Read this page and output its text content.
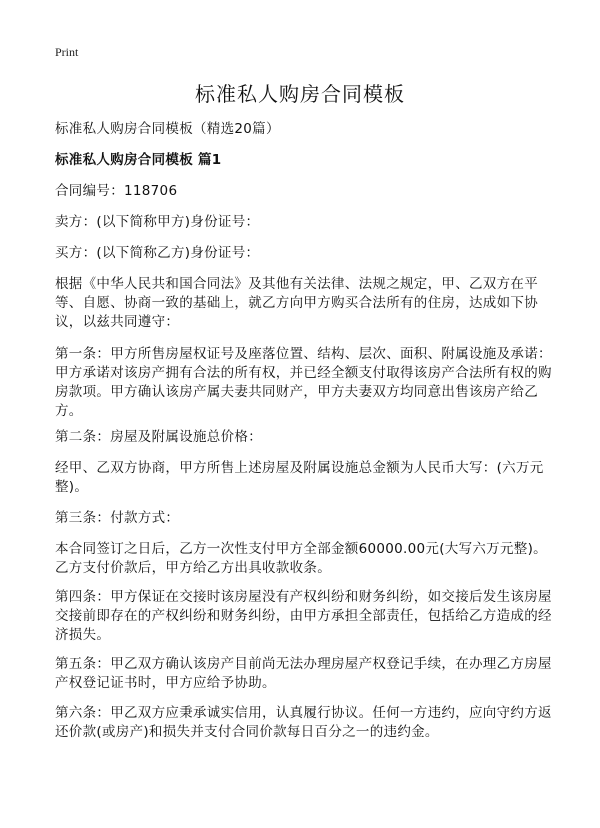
Print
标准私人购房合同模板

标准私人购房合同模板（精选20篇）

标准私人购房合同模板 篇1

合同编号：118706

卖方：(以下简称甲方)身份证号：

买方：(以下简称乙方)身份证号：

根据《中华人民共和国合同法》及其他有关法律、法规之规定，甲、乙双方在平等、自愿、协商一致的基础上，就乙方向甲方购买合法所有的住房，达成如下协议，以兹共同遵守：

第一条：甲方所售房屋权证号及座落位置、结构、层次、面积、附属设施及承诺：甲方承诺对该房产拥有合法的所有权，并已经全额支付取得该房产合法所有权的购房款项。甲方确认该房产属夫妻共同财产，甲方夫妻双方均同意出售该房产给乙方。

第二条：房屋及附属设施总价格：

经甲、乙双方协商，甲方所售上述房屋及附属设施总金额为人民币大写：(六万元整)。

第三条：付款方式：

本合同签订之日后，乙方一次性支付甲方全部金额60000.00元(大写六万元整)。乙方支付价款后，甲方给乙方出具收款收条。

第四条：甲方保证在交接时该房屋没有产权纠纷和财务纠纷，如交接后发生该房屋交接前即存在的产权纠纷和财务纠纷，由甲方承担全部责任，包括给乙方造成的经济损失。

第五条：甲乙双方确认该房产目前尚无法办理房屋产权登记手续，在办理乙方房屋产权登记证书时，甲方应给予协助。

第六条：甲乙双方应秉承诚实信用，认真履行协议。任何一方违约，应向守约方返还价款(或房产)和损失并支付合同价款每日百分之一的违约金。
